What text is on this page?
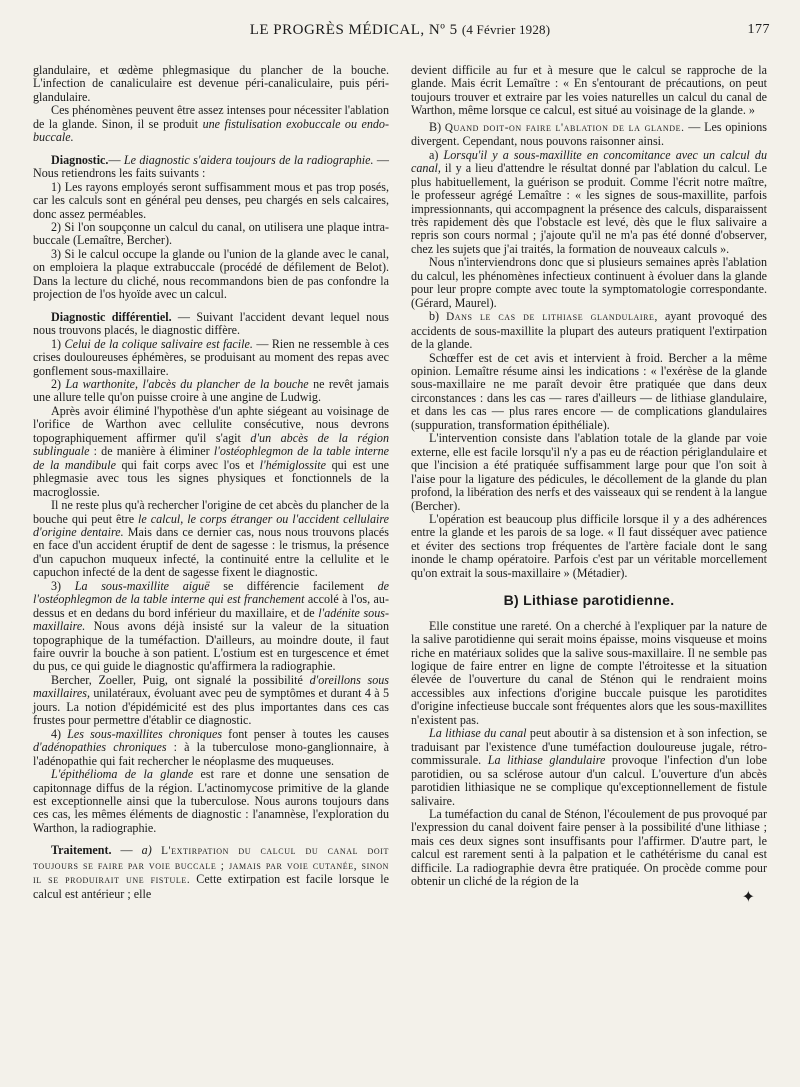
LE PROGRÈS MÉDICAL, Nº 5 (4 Février 1928)	177

glandulaire, et œdème phlegmasique du plancher de la bouche. L'infection de canaliculaire est devenue péri-canaliculaire, puis péri-glandulaire.

Ces phénomènes peuvent être assez intenses pour nécessiter l'ablation de la glande. Sinon, il se produit une fistulisation exobuccale ou endo-buccale.

Diagnostic.— Le diagnostic s'aidera toujours de la radiographie. — Nous retiendrons les faits suivants :

1) Les rayons employés seront suffisamment mous et pas trop posés, car les calculs sont en général peu denses, peu chargés en sels calcaires, donc assez perméables.

2) Si l'on soupçonne un calcul du canal, on utilisera une plaque intra-buccale (Lemaître, Bercher).

3) Si le calcul occupe la glande ou l'union de la glande avec le canal, on emploiera la plaque extrabuccale (procédé de défilement de Belot). Dans la lecture du cliché, nous recommandons bien de pas confondre la projection de l'os hyoïde avec un calcul.

Diagnostic différentiel. — Suivant l'accident devant lequel nous nous trouvons placés, le diagnostic diffère.

1) Celui de la colique salivaire est facile. — Rien ne ressemble à ces crises douloureuses éphémères, se produisant au moment des repas avec gonflement sous-maxillaire.

2) La warthonite, l'abcès du plancher de la bouche ne revêt jamais une allure telle qu'on puisse croire à une angine de Ludwig.

Après avoir éliminé l'hypothèse d'un aphte siégeant au voisinage de l'orifice de Warthon avec cellulite consécutive, nous devrons topographiquement affirmer qu'il s'agit d'un abcès de la région sublinguale : de manière à éliminer l'ostéophlegmon de la table interne de la mandibule qui fait corps avec l'os et l'hémiglossite qui est une phlegmasie avec tous les signes physiques et fonctionnels de la macroglossie.

Il ne reste plus qu'à rechercher l'origine de cet abcès du plancher de la bouche qui peut être le calcul, le corps étranger ou l'accident cellulaire d'origine dentaire. Mais dans ce dernier cas, nous nous trouvons placés en face d'un accident éruptif de dent de sagesse : le trismus, la présence d'un capuchon muqueux infecté, la continuité entre la cellulite et le capuchon infecté de la dent de sagesse fixent le diagnostic.

3) La sous-maxillite aiguë se différencie facilement de l'ostéophlegmon de la table interne qui est franchement accolé à l'os, au-dessus et en dedans du bord inférieur du maxillaire, et de l'adénite sous-maxillaire. Nous avons déjà insisté sur la valeur de la situation topographique de la tuméfaction. D'ailleurs, au moindre doute, il faut faire ouvrir la bouche à son patient. L'ostium est en turgescence et émet du pus, ce qui guide le diagnostic qu'affirmera la radiographie.

Bercher, Zoeller, Puig, ont signalé la possibilité d'oreillons sous maxillaires, unilatéraux, évoluant avec peu de symptômes et durant 4 à 5 jours. La notion d'épidémicité est des plus importantes dans ces cas frustes pour permettre d'établir ce diagnostic.

4) Les sous-maxillites chroniques font penser à toutes les causes d'adénopathies chroniques : à la tuberculose mono-ganglionnaire, à l'adénopathie qui fait rechercher le néoplasme des muqueuses.

L'épithélioma de la glande est rare et donne une sensation de capitonnage diffus de la région. L'actinomycose primitive de la glande est exceptionnelle ainsi que la tuberculose. Nous aurons toujours dans ces cas, les mêmes éléments de diagnostic : l'anamnèse, l'exploration du Warthon, la radiographie.

Traitement. — a) L'extirpation du calcul du canal doit toujours se faire par voie buccale ; jamais par voie cutanée, sinon il se produirait une fistule. Cette extirpation est facile lorsque le calcul est antérieur ; elle

devient difficile au fur et à mesure que le calcul se rapproche de la glande. Mais écrit Lemaître : « En s'entourant de précautions, on peut toujours trouver et extraire par les voies naturelles un calcul du canal de Warthon, même lorsque ce calcul, est situé au voisinage de la glande. »

B) Quand doit-on faire l'ablation de la glande. — Les opinions divergent. Cependant, nous pouvons raisonner ainsi.

a) Lorsqu'il y a sous-maxillite en concomitance avec un calcul du canal, il y a lieu d'attendre le résultat donné par l'ablation du calcul. Le plus habituellement, la guérison se produit. Comme l'écrit notre maître, le professeur agrégé Lemaître : « les signes de sous-maxillite, parfois impressionnants, qui accompagnent la présence des calculs, disparaissent très rapidement dès que l'obstacle est levé, dès que le flux salivaire a repris son cours normal ; j'ajoute qu'il ne m'a pas été donné d'observer, chez les sujets que j'ai traités, la formation de nouveaux calculs ».

Nous n'interviendrons donc que si plusieurs semaines après l'ablation du calcul, les phénomènes infectieux continuent à évoluer dans la glande pour leur propre compte avec toute la symptomatologie correspondante. (Gérard, Maurel).

b) Dans le cas de lithiase glandulaire, ayant provoqué des accidents de sous-maxillite la plupart des auteurs pratiquent l'extirpation de la glande.

Schœffer est de cet avis et intervient à froid. Bercher a la même opinion. Lemaître résume ainsi les indications : « l'exérèse de la glande sous-maxillaire ne me paraît devoir être pratiquée que dans deux circonstances : dans les cas — rares d'ailleurs — de lithiase glandulaire, et dans les cas — plus rares encore — de complications glandulaires (suppuration, transformation épithéliale).

L'intervention consiste dans l'ablation totale de la glande par voie externe, elle est facile lorsqu'il n'y a pas eu de réaction périglandulaire et que l'incision a été pratiquée suffisamment large pour que l'on soit à l'aise pour la ligature des pédicules, le décollement de la glande du plan profond, la libération des nerfs et des vaisseaux qui se rendent à la langue (Bercher).

L'opération est beaucoup plus difficile lorsque il y a des adhérences entre la glande et les parois de sa loge. « Il faut disséquer avec patience et éviter des sections trop fréquentes de l'artère faciale dont le sang inonde le champ opératoire. Parfois c'est par un véritable morcellement qu'on extrait la sous-maxillaire » (Métadier).

B) Lithiase parotidienne.

Elle constitue une rareté. On a cherché à l'expliquer par la nature de la salive parotidienne qui serait moins épaisse, moins visqueuse et moins riche en matériaux solides que la salive sous-maxillaire. Il ne semble pas logique de faire entrer en ligne de compte l'étroitesse et la situation élevée de l'ouverture du canal de Sténon qui le rendraient moins accessibles aux infections d'origine buccale puisque les parotidites d'origine infectieuse buccale sont fréquentes alors que les sous-maxillites n'existent pas.

La lithiase du canal peut aboutir à sa distension et à son infection, se traduisant par l'existence d'une tuméfaction douloureuse jugale, rétro-commissurale. La lithiase glandulaire provoque l'infection d'un lobe parotidien, ou sa sclérose autour d'un calcul. L'ouverture d'un abcès parotidien lithiasique ne se complique qu'exceptionnellement de fistule salivaire.

La tuméfaction du canal de Sténon, l'écoulement de pus provoqué par l'expression du canal doivent faire penser à la possibilité d'une lithiase ; mais ces deux signes sont insuffisants pour l'affirmer. D'autre part, le calcul est rarement senti à la palpation et le cathétérisme du canal est difficile. La radiographie devra être pratiquée. On procède comme pour obtenir un cliché de la région de la

✦
